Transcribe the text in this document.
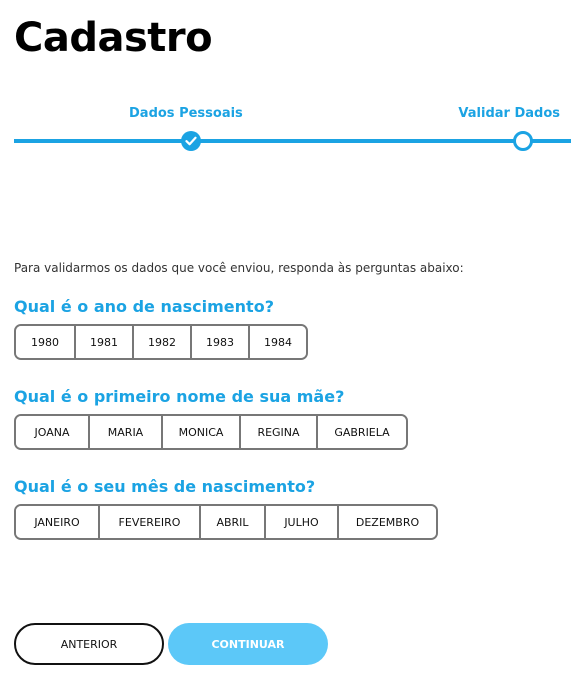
Cadastro
Dados Pessoais	Validar Dados

Para validarmos os dados que você enviou, responda às perguntas abaixo:

Qual é o ano de nascimento?
1980	1981	1982	1983	1984
Qual é o primeiro nome de sua mãe?
JOANA	MARIA	MONICA	REGINA	GABRIELA
Qual é o seu mês de nascimento?
JANEIRO	FEVEREIRO	ABRIL	JULHO	DEZEMBRO
ANTERIOR	CONTINUAR
